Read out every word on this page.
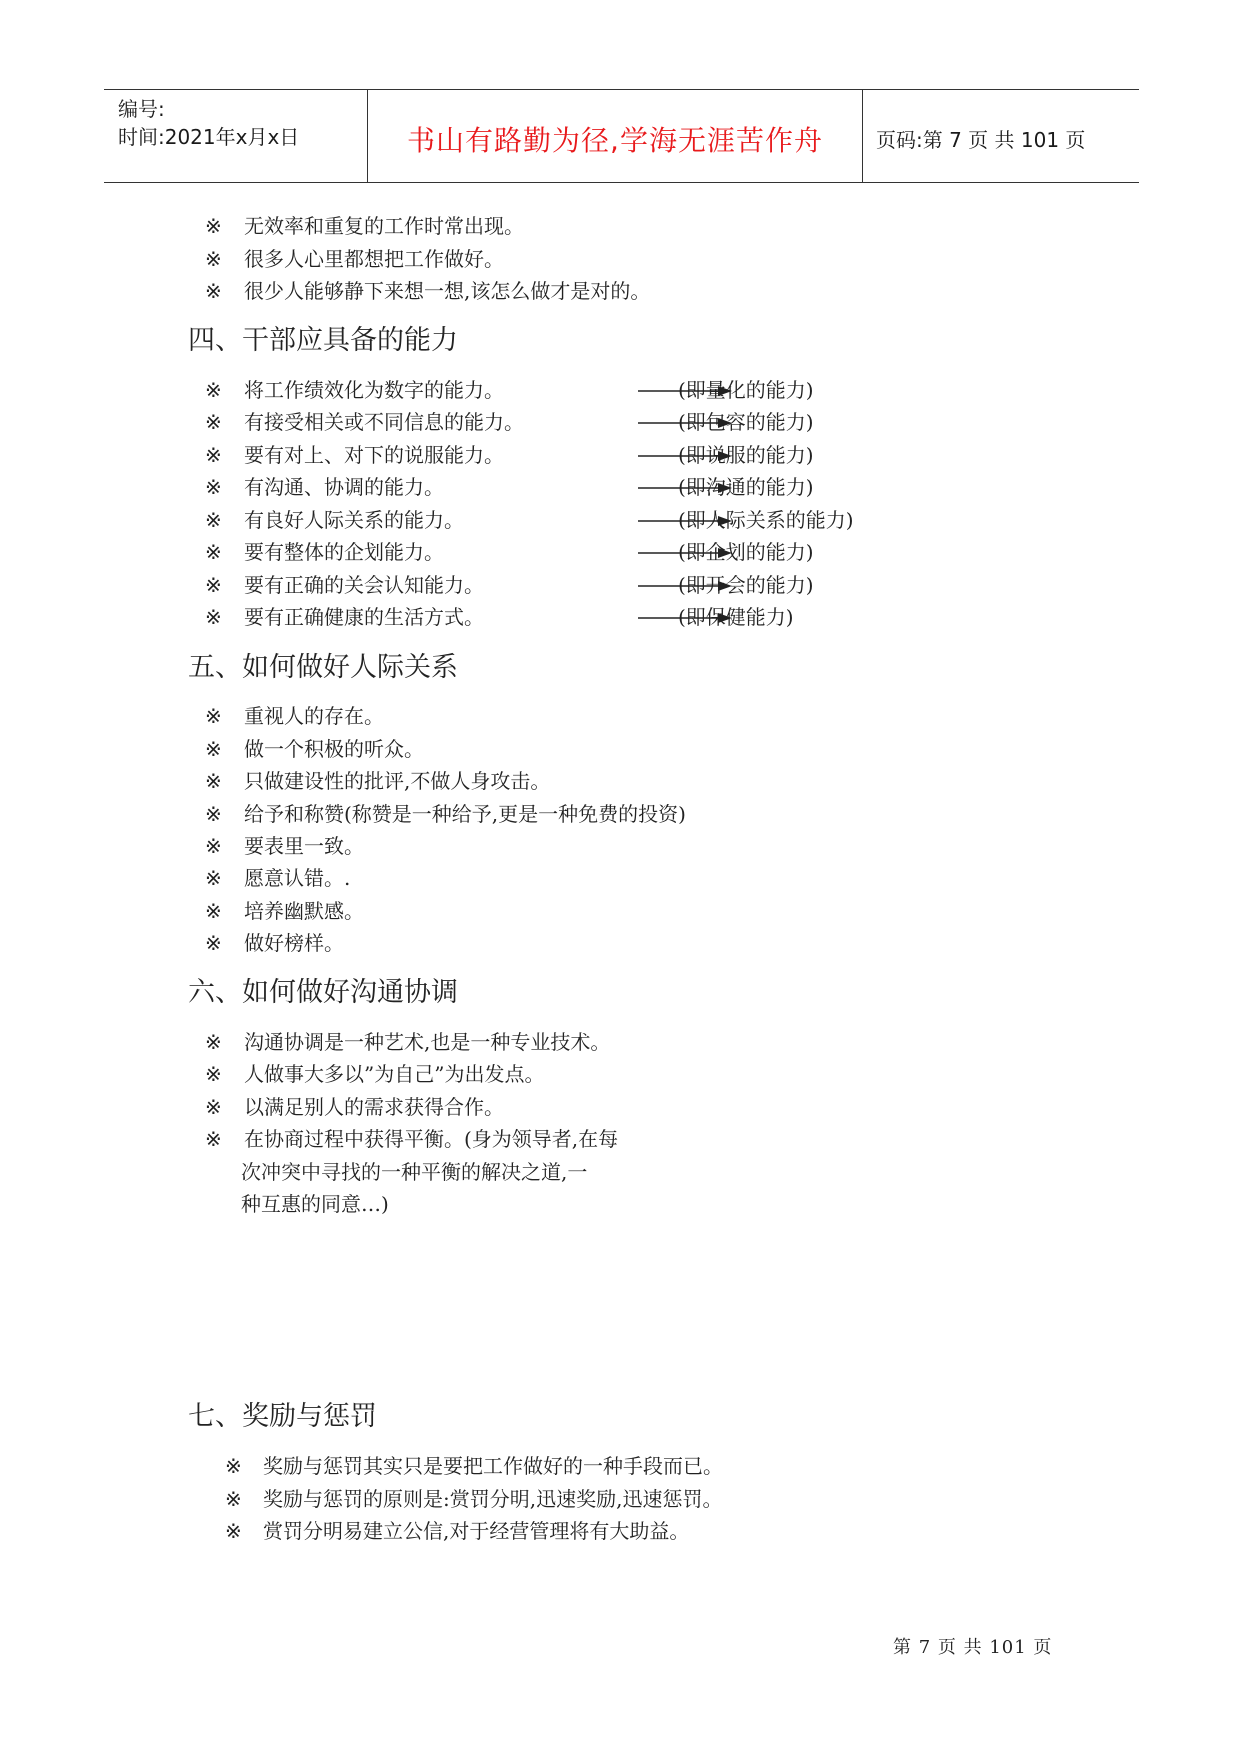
编号:
时间:2021年x月x日	书山有路勤为径,学海无涯苦作舟	页码:第 7 页 共 101 页
※ 无效率和重复的工作时常出现。
※ 很多人心里都想把工作做好。
※ 很少人能够静下来想一想,该怎么做才是对的。
四、干部应具备的能力
※ 将工作绩效化为数字的能力。	(即量化的能力)
※ 有接受相关或不同信息的能力。	(即包容的能力)
※ 要有对上、对下的说服能力。	(即说服的能力)
※ 有沟通、协调的能力。	(即沟通的能力)
※ 有良好人际关系的能力。	(即人际关系的能力)
※ 要有整体的企划能力。	(即企划的能力)
※ 要有正确的关会认知能力。	(即开会的能力)
※ 要有正确健康的生活方式。	(即保健能力)
五、如何做好人际关系
※ 重视人的存在。
※ 做一个积极的听众。
※ 只做建设性的批评,不做人身攻击。
※ 给予和称赞(称赞是一种给予,更是一种免费的投资)
※ 要表里一致。
※ 愿意认错。.
※ 培养幽默感。
※ 做好榜样。
六、如何做好沟通协调
※ 沟通协调是一种艺术,也是一种专业技术。
※ 人做事大多以”为自己”为出发点。
※ 以满足别人的需求获得合作。
※ 在协商过程中获得平衡。(身为领导者,在每
次冲突中寻找的一种平衡的解决之道,一
种互惠的同意…)
七、奖励与惩罚
※ 奖励与惩罚其实只是要把工作做好的一种手段而已。
※ 奖励与惩罚的原则是:赏罚分明,迅速奖励,迅速惩罚。
※ 赏罚分明易建立公信,对于经营管理将有大助益。
第 7 页 共 101 页
